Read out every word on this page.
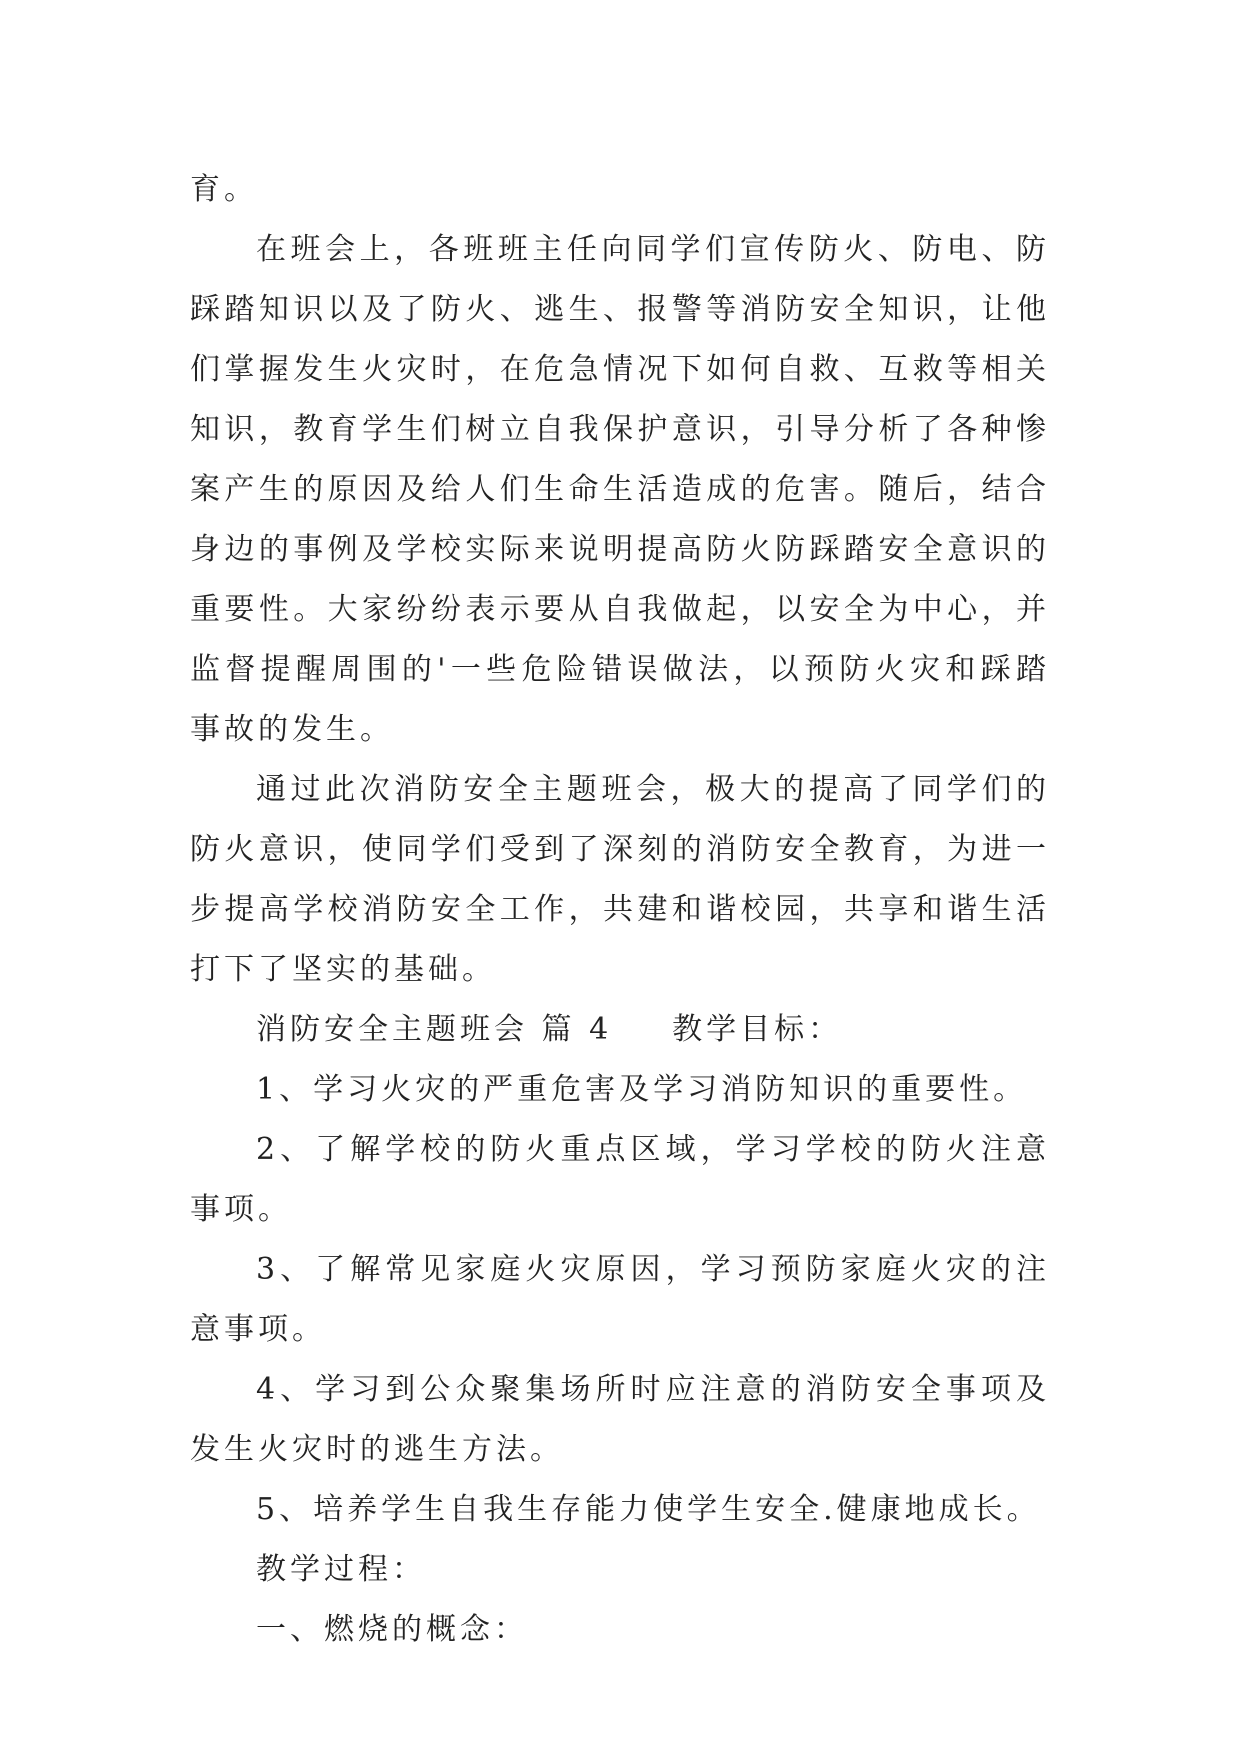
育。

在班会上，各班班主任向同学们宣传防火、防电、防踩踏知识以及了防火、逃生、报警等消防安全知识，让他们掌握发生火灾时，在危急情况下如何自救、互救等相关知识，教育学生们树立自我保护意识，引导分析了各种惨案产生的原因及给人们生命生活造成的危害。随后，结合身边的事例及学校实际来说明提高防火防踩踏安全意识的重要性。大家纷纷表示要从自我做起，以安全为中心，并监督提醒周围的'一些危险错误做法，以预防火灾和踩踏事故的发生。

通过此次消防安全主题班会，极大的提高了同学们的防火意识，使同学们受到了深刻的消防安全教育，为进一步提高学校消防安全工作，共建和谐校园，共享和谐生活打下了坚实的基础。

消防安全主题班会 篇 4 教学目标：

1、学习火灾的严重危害及学习消防知识的重要性。

2、了解学校的防火重点区域，学习学校的防火注意事项。

3、了解常见家庭火灾原因，学习预防家庭火灾的注意事项。

4、学习到公众聚集场所时应注意的消防安全事项及发生火灾时的逃生方法。

5、培养学生自我生存能力使学生安全.健康地成长。

教学过程：

一、燃烧的概念：
